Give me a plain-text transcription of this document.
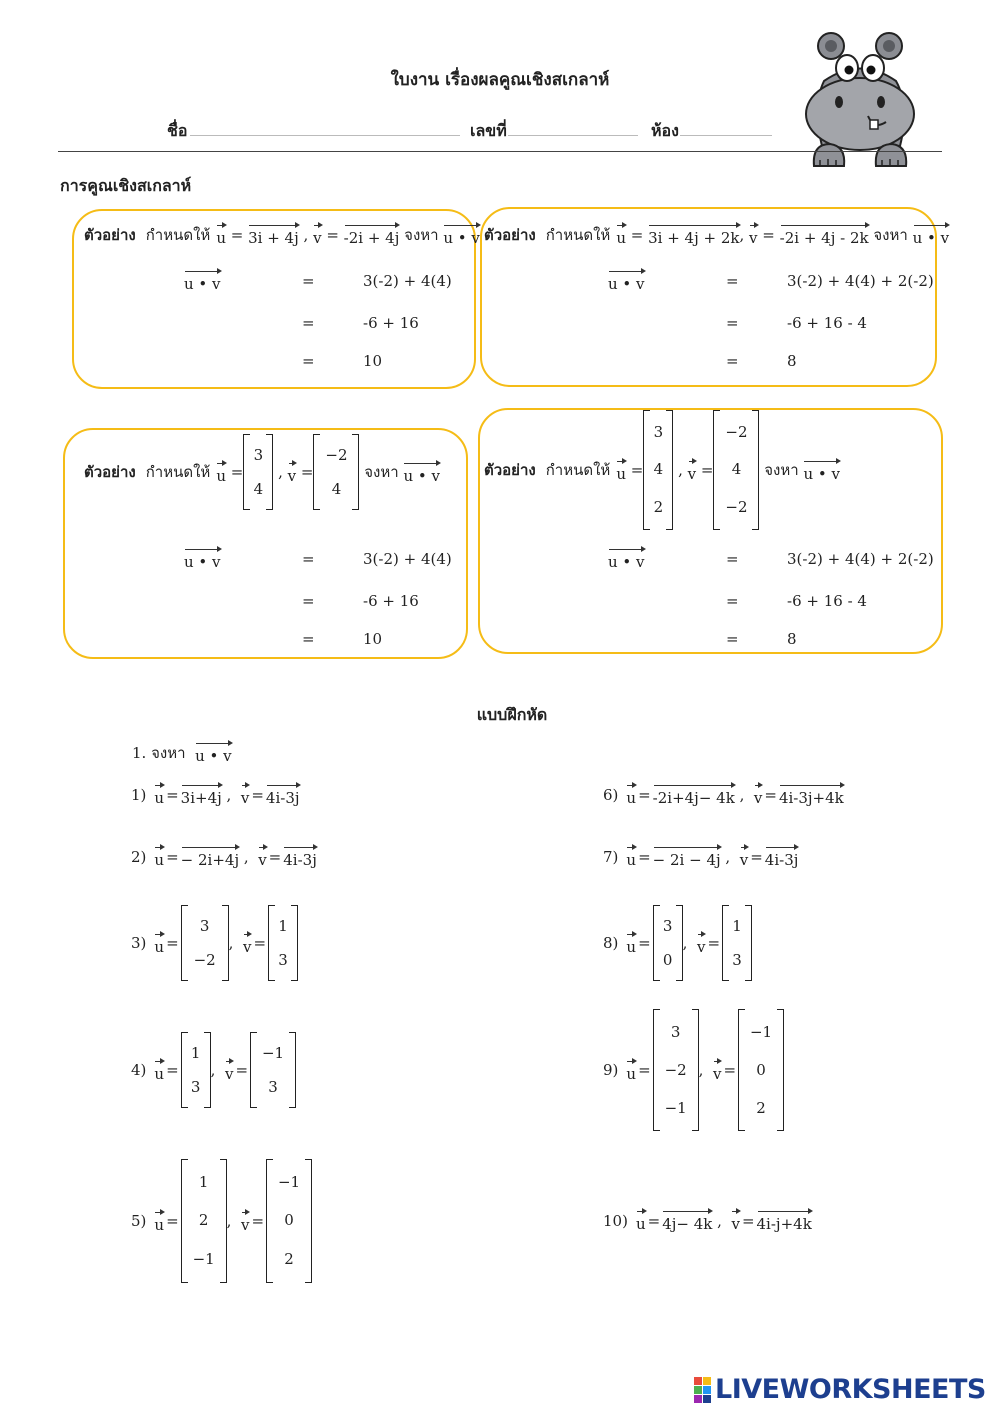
ใบงาน เรื่องผลคูณเชิงสเกลาห์
ชื่อ	เลขที่	ห้อง
การคูณเชิงสเกลาห์
ตัวอย่าง กำหนดให้ u = 3i + 4j , v = -2i + 4j
จงหา
u • v
u • v	=	3(-2) + 4(4)
=	-6 + 16
=	10
ตัวอย่าง กำหนดให้ u = 3i + 4j + 2k , v = -2i + 4j - 2k
จงหา
u • v
u • v	=	3(-2) + 4(4) + 2(-2)
=	-6 + 16 - 4
=	8
ตัวอย่าง กำหนดให้ u =
3
4
, v =
−2
4

จงหา
u • v
u • v	=	3(-2) + 4(4)
=	-6 + 16
=	10
ตัวอย่าง กำหนดให้ u =
3
4
2
, v =
−2
4
−2

จงหา
u • v
u • v	=	3(-2) + 4(4) + 2(-2)
=	-6 + 16 - 4
=	8
แบบฝึกหัด
1. จงหา
u • v
1) u = 3i+4j , v = 4i-3j
2) u = − 2i+4j , v = 4i-3j
3) u =
3
−2
, v =
1
3
4) u =
1
3
, v =
−1
3
5) u =
1
2
−1
, v =
−1
0
2
6) u = -2i+4j− 4k , v = 4i-3j+4k
7) u = − 2i − 4j , v = 4i-3j
8) u =
3
0
, v =
1
3
9) u =
3
−2
−1
, v =
−1
0
2
10) u = 4j− 4k , v = 4i-j+4k
LIVEWORKSHEETS
